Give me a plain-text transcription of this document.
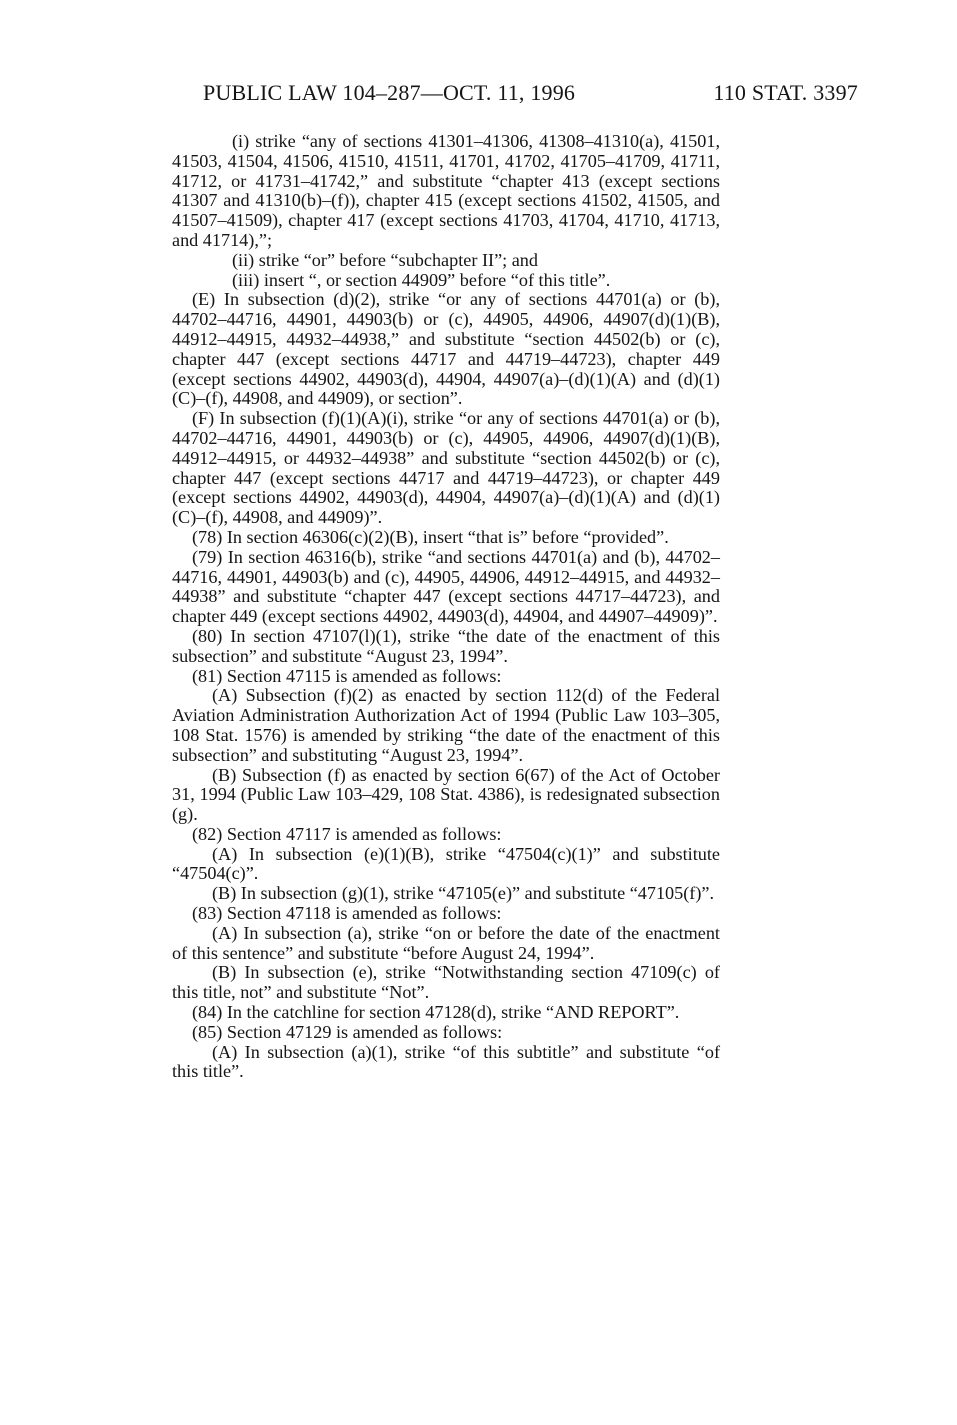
PUBLIC LAW 104–287—OCT. 11, 1996	110 STAT. 3397

(i) strike “any of sections 41301–41306, 41308–41310(a), 41501, 41503, 41504, 41506, 41510, 41511, 41701, 41702, 41705–41709, 41711, 41712, or 41731–41742,” and substitute “chapter 413 (except sections 41307 and 41310(b)–(f)), chapter 415 (except sections 41502, 41505, and 41507–41509), chapter 417 (except sections 41703, 41704, 41710, 41713, and 41714),”;

(ii) strike “or” before “subchapter II”; and

(iii) insert “, or section 44909” before “of this title”.

(E) In subsection (d)(2), strike “or any of sections 44701(a) or (b), 44702–44716, 44901, 44903(b) or (c), 44905, 44906, 44907(d)(1)(B), 44912–44915, 44932–44938,” and substitute “section 44502(b) or (c), chapter 447 (except sections 44717 and 44719–44723), chapter 449 (except sections 44902, 44903(d), 44904, 44907(a)–(d)(1)(A) and (d)(1)(C)–(f), 44908, and 44909), or section”.

(F) In subsection (f)(1)(A)(i), strike “or any of sections 44701(a) or (b), 44702–44716, 44901, 44903(b) or (c), 44905, 44906, 44907(d)(1)(B), 44912–44915, or 44932–44938” and substitute “section 44502(b) or (c), chapter 447 (except sections 44717 and 44719–44723), or chapter 449 (except sections 44902, 44903(d), 44904, 44907(a)–(d)(1)(A) and (d)(1)(C)–(f), 44908, and 44909)”.

(78) In section 46306(c)(2)(B), insert “that is” before “provided”.

(79) In section 46316(b), strike “and sections 44701(a) and (b), 44702–44716, 44901, 44903(b) and (c), 44905, 44906, 44912–44915, and 44932–44938” and substitute “chapter 447 (except sections 44717–44723), and chapter 449 (except sections 44902, 44903(d), 44904, and 44907–44909)”.

(80) In section 47107(l)(1), strike “the date of the enactment of this subsection” and substitute “August 23, 1994”.

(81) Section 47115 is amended as follows:

(A) Subsection (f)(2) as enacted by section 112(d) of the Federal Aviation Administration Authorization Act of 1994 (Public Law 103–305, 108 Stat. 1576) is amended by striking “the date of the enactment of this subsection” and substituting “August 23, 1994”.

(B) Subsection (f) as enacted by section 6(67) of the Act of October 31, 1994 (Public Law 103–429, 108 Stat. 4386), is redesignated subsection (g).

(82) Section 47117 is amended as follows:

(A) In subsection (e)(1)(B), strike “47504(c)(1)” and substitute “47504(c)”.

(B) In subsection (g)(1), strike “47105(e)” and substitute “47105(f)”.

(83) Section 47118 is amended as follows:

(A) In subsection (a), strike “on or before the date of the enactment of this sentence” and substitute “before August 24, 1994”.

(B) In subsection (e), strike “Notwithstanding section 47109(c) of this title, not” and substitute “Not”.

(84) In the catchline for section 47128(d), strike “AND REPORT”.

(85) Section 47129 is amended as follows:

(A) In subsection (a)(1), strike “of this subtitle” and substitute “of this title”.
